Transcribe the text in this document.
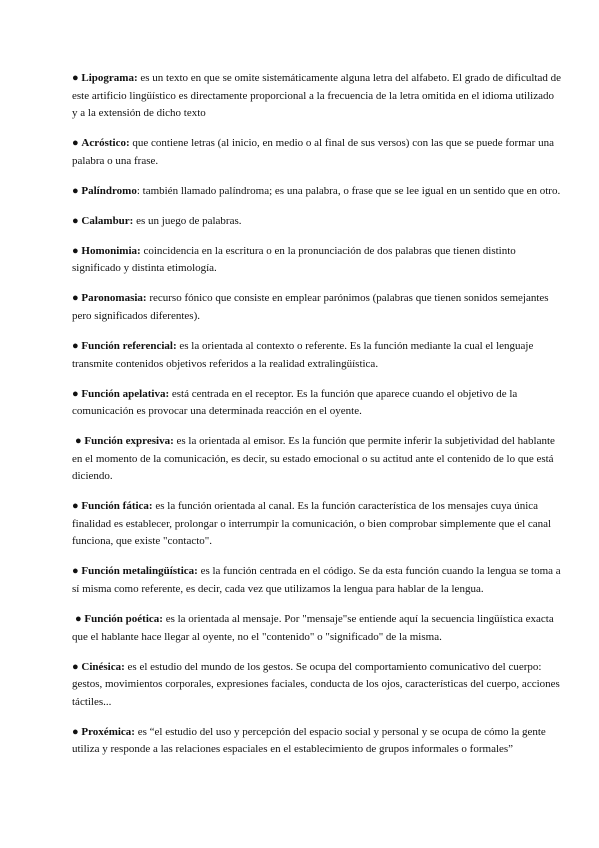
● Lipograma: es un texto en que se omite sistemáticamente alguna letra del alfabeto. El grado de dificultad de este artificio lingüístico es directamente proporcional a la frecuencia de la letra omitida en el idioma utilizado y a la extensión de dicho texto

● Acróstico: que contiene letras (al inicio, en medio o al final de sus versos) con las que se puede formar una palabra o una frase.

● Palíndromo: también llamado palíndroma; es una palabra, o frase que se lee igual en un sentido que en otro.

● Calambur: es un juego de palabras.

● Homonimia: coincidencia en la escritura o en la pronunciación de dos palabras que tienen distinto significado y distinta etimología.

● Paronomasia: recurso fónico que consiste en emplear parónimos (palabras que tienen sonidos semejantes pero significados diferentes).

● Función referencial: es la orientada al contexto o referente. Es la función mediante la cual el lenguaje transmite contenidos objetivos referidos a la realidad extralingüística.

● Función apelativa: está centrada en el receptor. Es la función que aparece cuando el objetivo de la comunicación es provocar una determinada reacción en el oyente.

● Función expresiva: es la orientada al emisor. Es la función que permite inferir la subjetividad del hablante en el momento de la comunicación, es decir, su estado emocional o su actitud ante el contenido de lo que está diciendo.

● Función fática: es la función orientada al canal. Es la función característica de los mensajes cuya única finalidad es establecer, prolongar o interrumpir la comunicación, o bien comprobar simplemente que el canal funciona, que existe "contacto".

● Función metalingüística: es la función centrada en el código. Se da esta función cuando la lengua se toma a sí misma como referente, es decir, cada vez que utilizamos la lengua para hablar de la lengua.

● Función poética: es la orientada al mensaje. Por "mensaje"se entiende aquí la secuencia lingüística exacta que el hablante hace llegar al oyente, no el "contenido" o "significado" de la misma.

● Cinésica: es el estudio del mundo de los gestos. Se ocupa del comportamiento comunicativo del cuerpo: gestos, movimientos corporales, expresiones faciales, conducta de los ojos, características del cuerpo, acciones táctiles...

● Proxémica: es “el estudio del uso y percepción del espacio social y personal y se ocupa de cómo la gente utiliza y responde a las relaciones espaciales en el establecimiento de grupos informales o formales”
